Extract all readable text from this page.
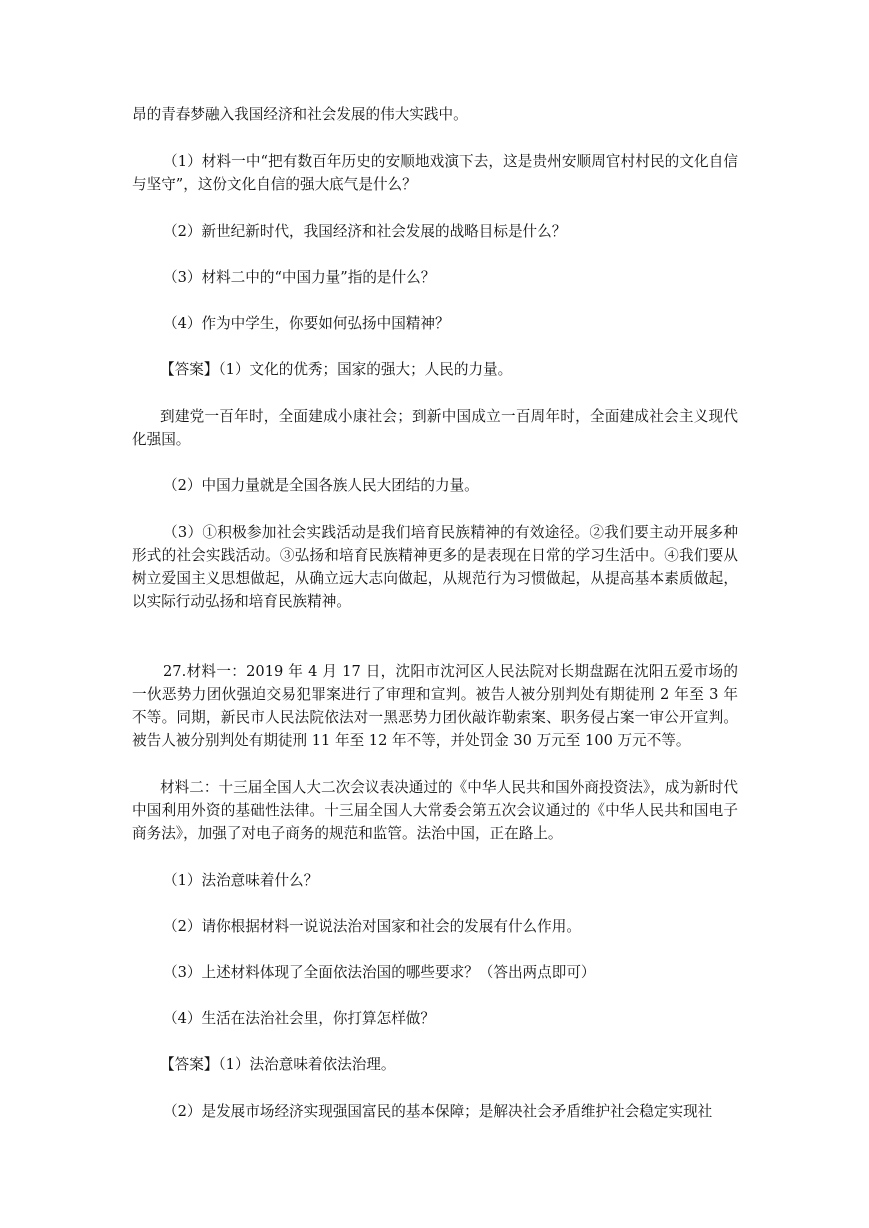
昂的青春梦融入我国经济和社会发展的伟大实践中。

（1）材料一中“把有数百年历史的安顺地戏演下去，这是贵州安顺周官村村民的文化自信与坚守”，这份文化自信的强大底气是什么？

（2）新世纪新时代，我国经济和社会发展的战略目标是什么？

（3）材料二中的“中国力量”指的是什么？

（4）作为中学生，你要如何弘扬中国精神？

【答案】（1）文化的优秀；国家的强大；人民的力量。

到建党一百年时，全面建成小康社会；到新中国成立一百周年时，全面建成社会主义现代化强国。

（2）中国力量就是全国各族人民大团结的力量。

（3）①积极参加社会实践活动是我们培育民族精神的有效途径。②我们要主动开展多种形式的社会实践活动。③弘扬和培育民族精神更多的是表现在日常的学习生活中。④我们要从树立爱国主义思想做起，从确立远大志向做起，从规范行为习惯做起，从提高基本素质做起，以实际行动弘扬和培育民族精神。

27.材料一：2019 年 4 月 17 日，沈阳市沈河区人民法院对长期盘踞在沈阳五爱市场的一伙恶势力团伙强迫交易犯罪案进行了审理和宣判。被告人被分别判处有期徒刑 2 年至 3 年不等。同期，新民市人民法院依法对一黑恶势力团伙敲诈勒索案、职务侵占案一审公开宣判。被告人被分别判处有期徒刑 11 年至 12 年不等，并处罚金 30 万元至 100 万元不等。

材料二：十三届全国人大二次会议表决通过的《中华人民共和国外商投资法》，成为新时代中国利用外资的基础性法律。十三届全国人大常委会第五次会议通过的《中华人民共和国电子商务法》，加强了对电子商务的规范和监管。法治中国，正在路上。

（1）法治意味着什么？

（2）请你根据材料一说说法治对国家和社会的发展有什么作用。

（3）上述材料体现了全面依法治国的哪些要求？（答出两点即可）

（4）生活在法治社会里，你打算怎样做？

【答案】（1）法治意味着依法治理。

（2）是发展市场经济实现强国富民的基本保障；是解决社会矛盾维护社会稳定实现社
